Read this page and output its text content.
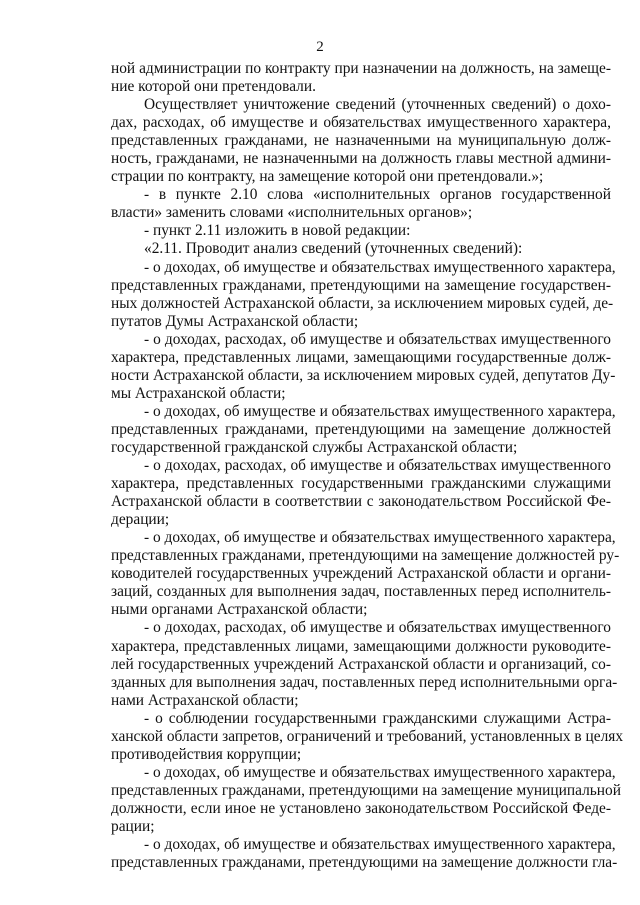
2
ной администрации по контракту при назначении на должность, на замеще-
ние которой они претендовали.
Осуществляет уничтожение сведений (уточненных сведений) о дохо-
дах, расходах, об имуществе и обязательствах имущественного характера,
представленных гражданами, не назначенными на муниципальную долж-
ность, гражданами, не назначенными на должность главы местной админи-
страции по контракту, на замещение которой они претендовали.»;
- в пункте 2.10 слова «исполнительных органов государственной
власти» заменить словами «исполнительных органов»;
- пункт 2.11 изложить в новой редакции:
«2.11. Проводит анализ сведений (уточненных сведений):
- о доходах, об имуществе и обязательствах имущественного характера,
представленных гражданами, претендующими на замещение государствен-
ных должностей Астраханской области, за исключением мировых судей, де-
путатов Думы Астраханской области;
- о доходах, расходах, об имуществе и обязательствах имущественного
характера, представленных лицами, замещающими государственные долж-
ности Астраханской области, за исключением мировых судей, депутатов Ду-
мы Астраханской области;
- о доходах, об имуществе и обязательствах имущественного характера,
представленных гражданами, претендующими на замещение должностей
государственной гражданской службы Астраханской области;
- о доходах, расходах, об имуществе и обязательствах имущественного
характера, представленных государственными гражданскими служащими
Астраханской области в соответствии с законодательством Российской Фе-
дерации;
- о доходах, об имуществе и обязательствах имущественного характера,
представленных гражданами, претендующими на замещение должностей ру-
ководителей государственных учреждений Астраханской области и органи-
заций, созданных для выполнения задач, поставленных перед исполнитель-
ными органами Астраханской области;
- о доходах, расходах, об имуществе и обязательствах имущественного
характера, представленных лицами, замещающими должности руководите-
лей государственных учреждений Астраханской области и организаций, со-
зданных для выполнения задач, поставленных перед исполнительными орга-
нами Астраханской области;
- о соблюдении государственными гражданскими служащими Астра-
ханской области запретов, ограничений и требований, установленных в целях
противодействия коррупции;
- о доходах, об имуществе и обязательствах имущественного характера,
представленных гражданами, претендующими на замещение муниципальной
должности, если иное не установлено законодательством Российской Феде-
рации;
- о доходах, об имуществе и обязательствах имущественного характера,
представленных гражданами, претендующими на замещение должности гла-
